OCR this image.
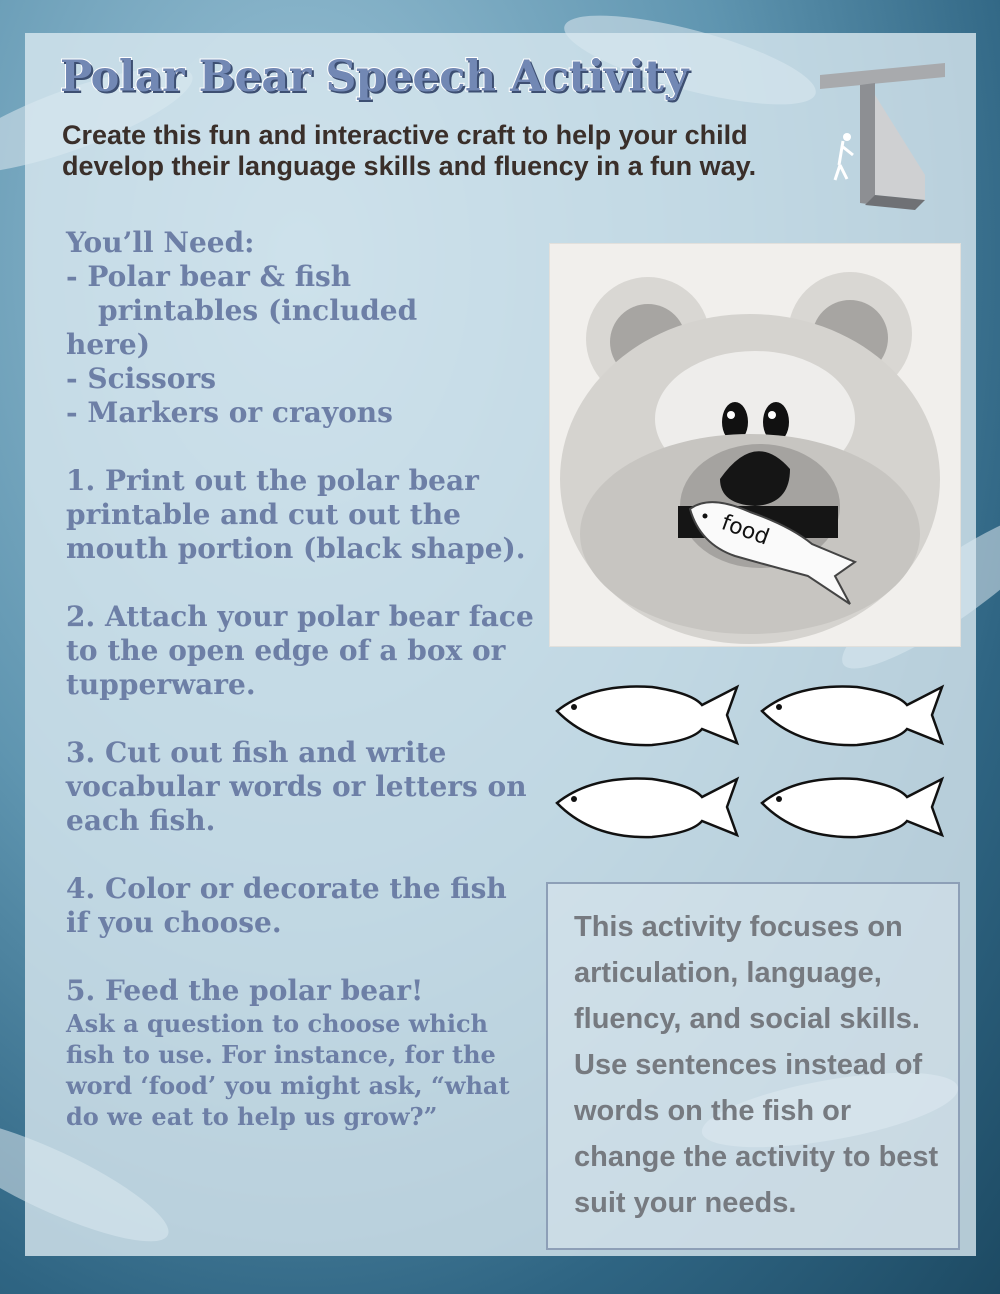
Polar Bear Speech Activity

Create this fun and interactive craft to help your child develop their language skills and fluency in a fun way.

You’ll Need:

- Polar bear & fish
printables (included
here)

- Scissors

- Markers or crayons

1. Print out the polar bear printable and cut out the mouth portion (black shape).

2. Attach your polar bear face to the open edge of a box or tupperware.

3. Cut out fish and write vocabular words or letters on each fish.

4. Color or decorate the fish if you choose.

5. Feed the polar bear!

Ask a question to choose which fish to use. For instance, for the word ‘food’ you might ask, “what do we eat to help us grow?”

food

This activity focuses on articulation, language, fluency, and social skills. Use sentences instead of words on the fish or change the activity to best suit your needs.
